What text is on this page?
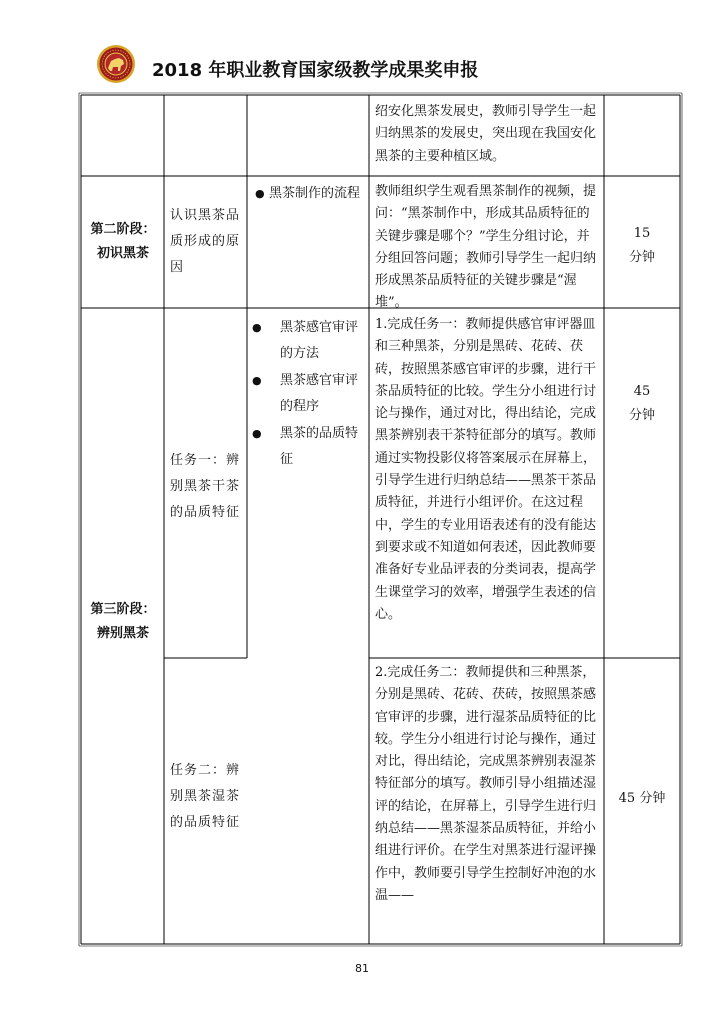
2018 年职业教育国家级教学成果奖申报
绍安化黑茶发展史，教师引导学生一起归纳黑茶的发展史，突出现在我国安化黑茶的主要种植区域。
第二阶段：初识黑茶
认识黑茶品质形成的原因
● 黑茶制作的流程	教师组织学生观看黑茶制作的视频，提问：“黑茶制作中，形成其品质特征的关键步骤是哪个？”学生分组讨论，并分组回答问题；教师引导学生一起归纳形成黑茶品质特征的关键步骤是“渥堆”。
15 分钟
第三阶段：辨别黑茶
任务一：辨别黑茶干茶的品质特征
● 黑茶感官审评的方法
● 黑茶感官审评的程序
● 黑茶的品质特征
1.完成任务一：教师提供感官审评器皿和三种黑茶，分别是黑砖、花砖、茯砖，按照黑茶感官审评的步骤，进行干茶品质特征的比较。学生分小组进行讨论与操作，通过对比，得出结论，完成黑茶辨别表干茶特征部分的填写。教师通过实物投影仪将答案展示在屏幕上，引导学生进行归纳总结——黑茶干茶品质特征，并进行小组评价。在这过程中，学生的专业用语表述有的没有能达到要求或不知道如何表述，因此教师要准备好专业品评表的分类词表，提高学生课堂学习的效率，增强学生表述的信心。
45 分钟
任务二：辨别黑茶湿茶的品质特征
2.完成任务二：教师提供和三种黑茶，分别是黑砖、花砖、茯砖，按照黑茶感官审评的步骤，进行湿茶品质特征的比较。学生分小组进行讨论与操作，通过对比，得出结论，完成黑茶辨别表湿茶特征部分的填写。教师引导小组描述湿评的结论，在屏幕上，引导学生进行归纳总结——黑茶湿茶品质特征，并给小组进行评价。在学生对黑茶进行湿评操作中，教师要引导学生控制好冲泡的水温——
45 分钟
81
